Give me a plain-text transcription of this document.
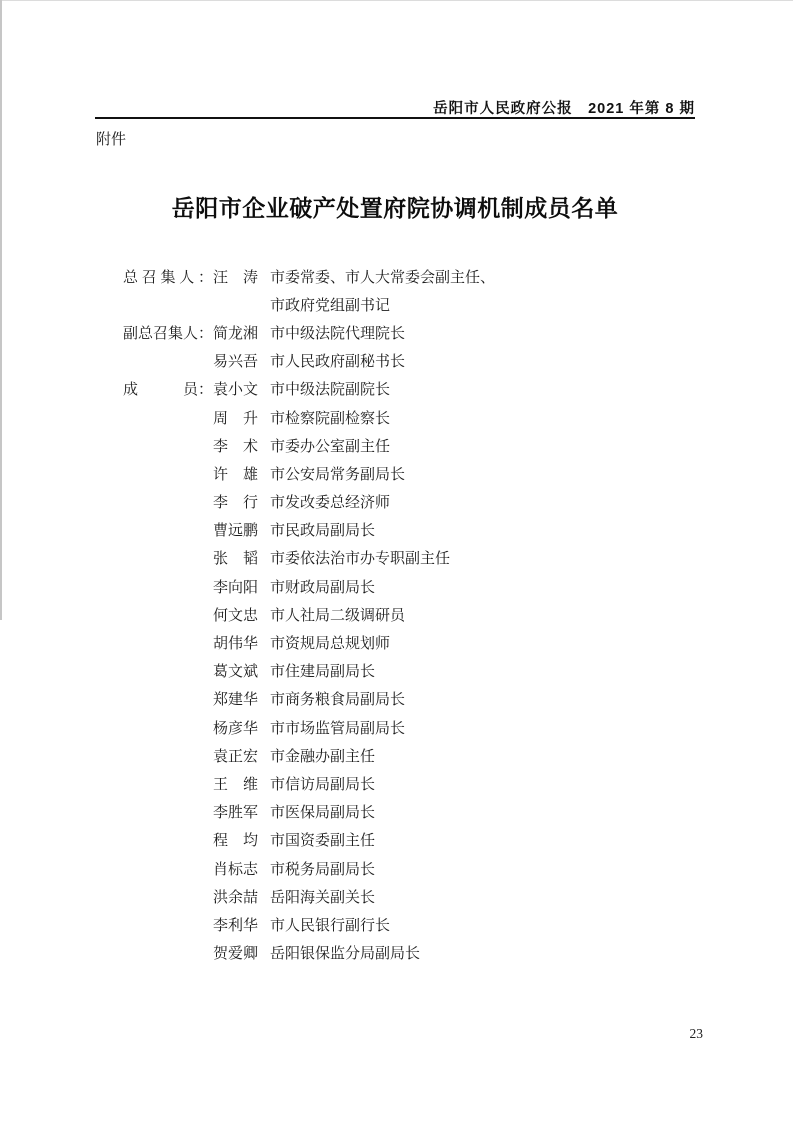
岳阳市人民政府公报　2021 年第 8 期
附件
岳阳市企业破产处置府院协调机制成员名单
总召集人： 汪　涛 市委常委、市人大常委会副主任、
市政府党组副书记
副总召集人： 简龙湘 市中级法院代理院长
易兴吾 市人民政府副秘书长
成　　　员： 袁小文 市中级法院副院长
周　升 市检察院副检察长
李　术 市委办公室副主任
许　雄 市公安局常务副局长
李　行 市发改委总经济师
曹远鹏 市民政局副局长
张　韬 市委依法治市办专职副主任
李向阳 市财政局副局长
何文忠 市人社局二级调研员
胡伟华 市资规局总规划师
葛文斌 市住建局副局长
郑建华 市商务粮食局副局长
杨彦华 市市场监管局副局长
袁正宏 市金融办副主任
王　维 市信访局副局长
李胜军 市医保局副局长
程　均 市国资委副主任
肖标志 市税务局副局长
洪余喆 岳阳海关副关长
李利华 市人民银行副行长
贺爱卿 岳阳银保监分局副局长
23
